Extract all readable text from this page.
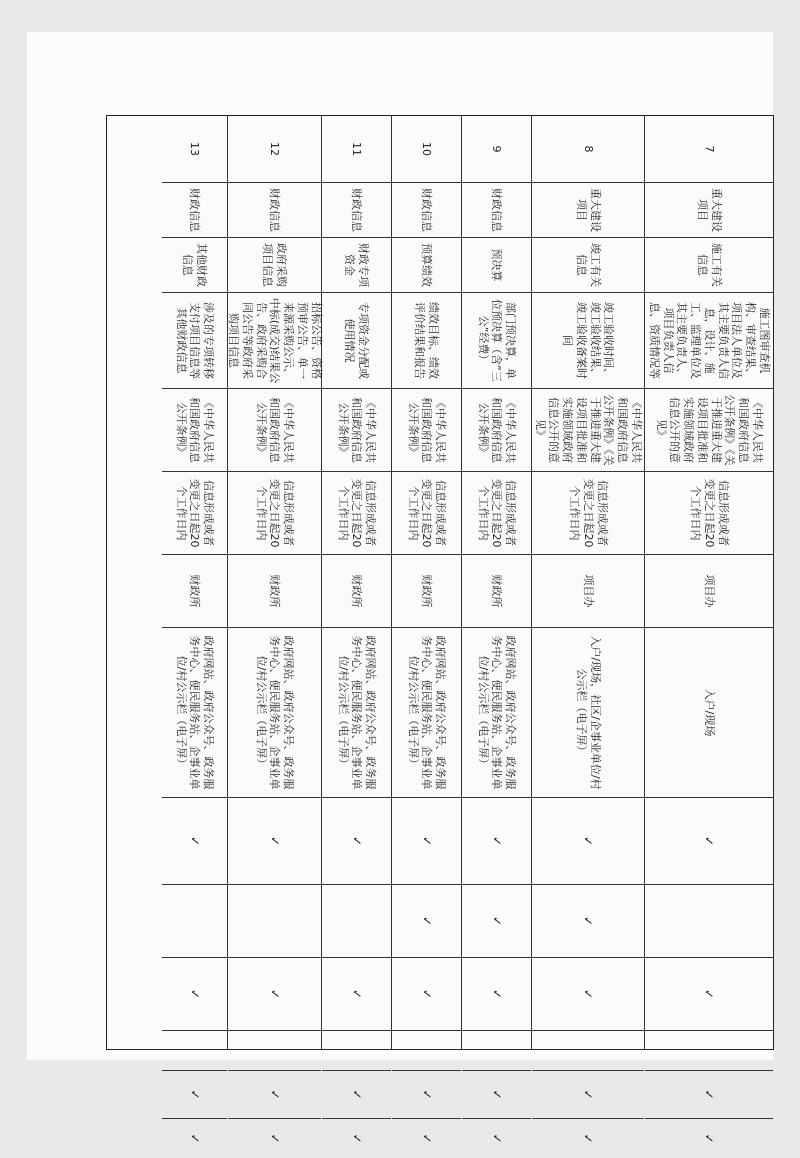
7
重大建设项目
施工有关信息
施工图审查机构、审查结果、项目法人单位及其主要负责人信息，设计、施工、监理单位及其主要负责人、项目负责人信息、资质情况等
《中华人民共和国政府信息公开条例》《关于推进重大建设项目批准和实施领域政府信息公开的意见》
信息形成或者变更之日起20个工作日内
项目办
入户/现场
✓
✓
✓
✓
8
重大建设项目
竣工有关信息
竣工验收时间、竣工验收结果、竣工验收备案时间
《中华人民共和国政府信息公开条例》《关于推进重大建设项目批准和实施领域政府信息公开的意见》
信息形成或者变更之日起20个工作日内
项目办
入户/现场，社区/企事业单位/村公示栏（电子屏）
✓
✓
✓
✓
✓
9
财政信息
预决算
部门预决算，单位预决算（含“三公”经费）
《中华人民共和国政府信息公开条例》
信息形成或者变更之日起20个工作日内
财政所
政府网站、政府公众号、政务服务中心、便民服务站、企事业单位/村公示栏（电子屏）
✓
✓
✓
✓
✓
10
财政信息
预算绩效
绩效目标、绩效评价结果和报告
《中华人民共和国政府信息公开条例》
信息形成或者变更之日起20个工作日内
财政所
政府网站、政府公众号、政务服务中心、便民服务站、企事业单位/村公示栏（电子屏）
✓
✓
✓
✓
✓
11
财政信息
财政专项资金
专项资金分配或使用情况
《中华人民共和国政府信息公开条例》
信息形成或者变更之日起20个工作日内
财政所
政府网站、政府公众号、政务服务中心、便民服务站、企事业单位/村公示栏（电子屏）
✓
✓
✓
✓
12
财政信息
政府采购项目信息
招标公告、资格预审公告、单一来源采购公示、中标(成交)结果公告、政府采购合同公告等政府采购项目信息
《中华人民共和国政府信息公开条例》
信息形成或者变更之日起20个工作日内
财政所
政府网站、政府公众号、政务服务中心、便民服务站、企事业单位/村公示栏（电子屏）
✓
✓
✓
✓
13
财政信息
其他财政信息
涉及的专项转移支付项目信息等其他财政信息
《中华人民共和国政府信息公开条例》
信息形成或者变更之日起20个工作日内
财政所
政府网站、政府公众号、政务服务中心、便民服务站、企事业单位/村公示栏（电子屏）
✓
✓
✓
✓
